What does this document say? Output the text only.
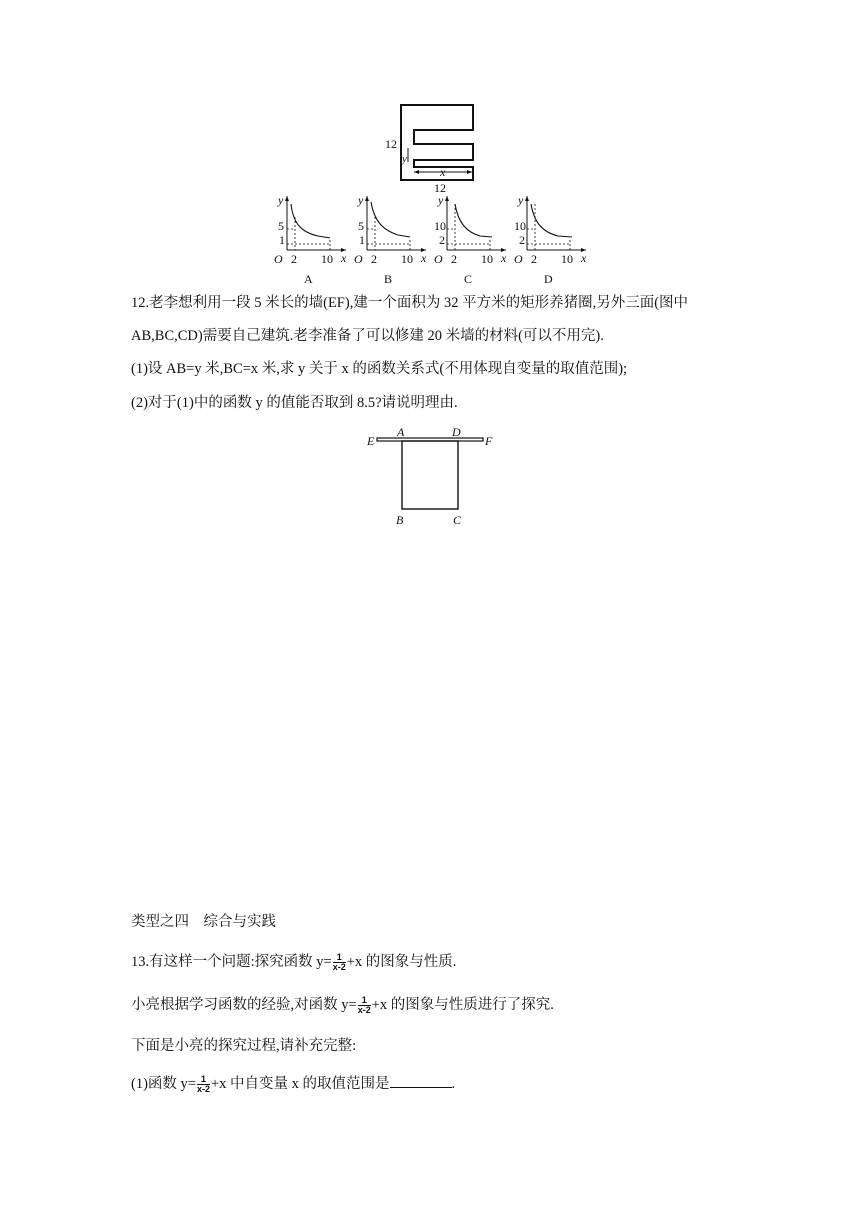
12
y
x
12
y
5
1
O 2 10 x
A
y
5
1
O 2 10 x
B
y
10
2
O 2 10 x
C
y
10
2
O 2 10 x
D
12.老李想利用一段 5 米长的墙(EF),建一个面积为 32 平方米的矩形养猪圈,另外三面(图中
AB,BC,CD)需要自己建筑.老李准备了可以修建 20 米墙的材料(可以不用完).
(1)设 AB=y 米,BC=x 米,求 y 关于 x 的函数关系式(不用体现自变量的取值范围);
(2)对于(1)中的函数 y 的值能否取到 8.5?请说明理由.
E
A	D
F
B	C
类型之四　综合与实践
13.有这样一个问题:探究函数 $y= \frac{1}{x-2} +x$ 的图象与性质.
小亮根据学习函数的经验,对函数 $y= \frac{1}{x-2} +x$ 的图象与性质进行了探究.
下面是小亮的探究过程,请补充完整:
(1)函数 $y= \frac{1}{x-2} +x$ 中自变量 x 的取值范围是	.
